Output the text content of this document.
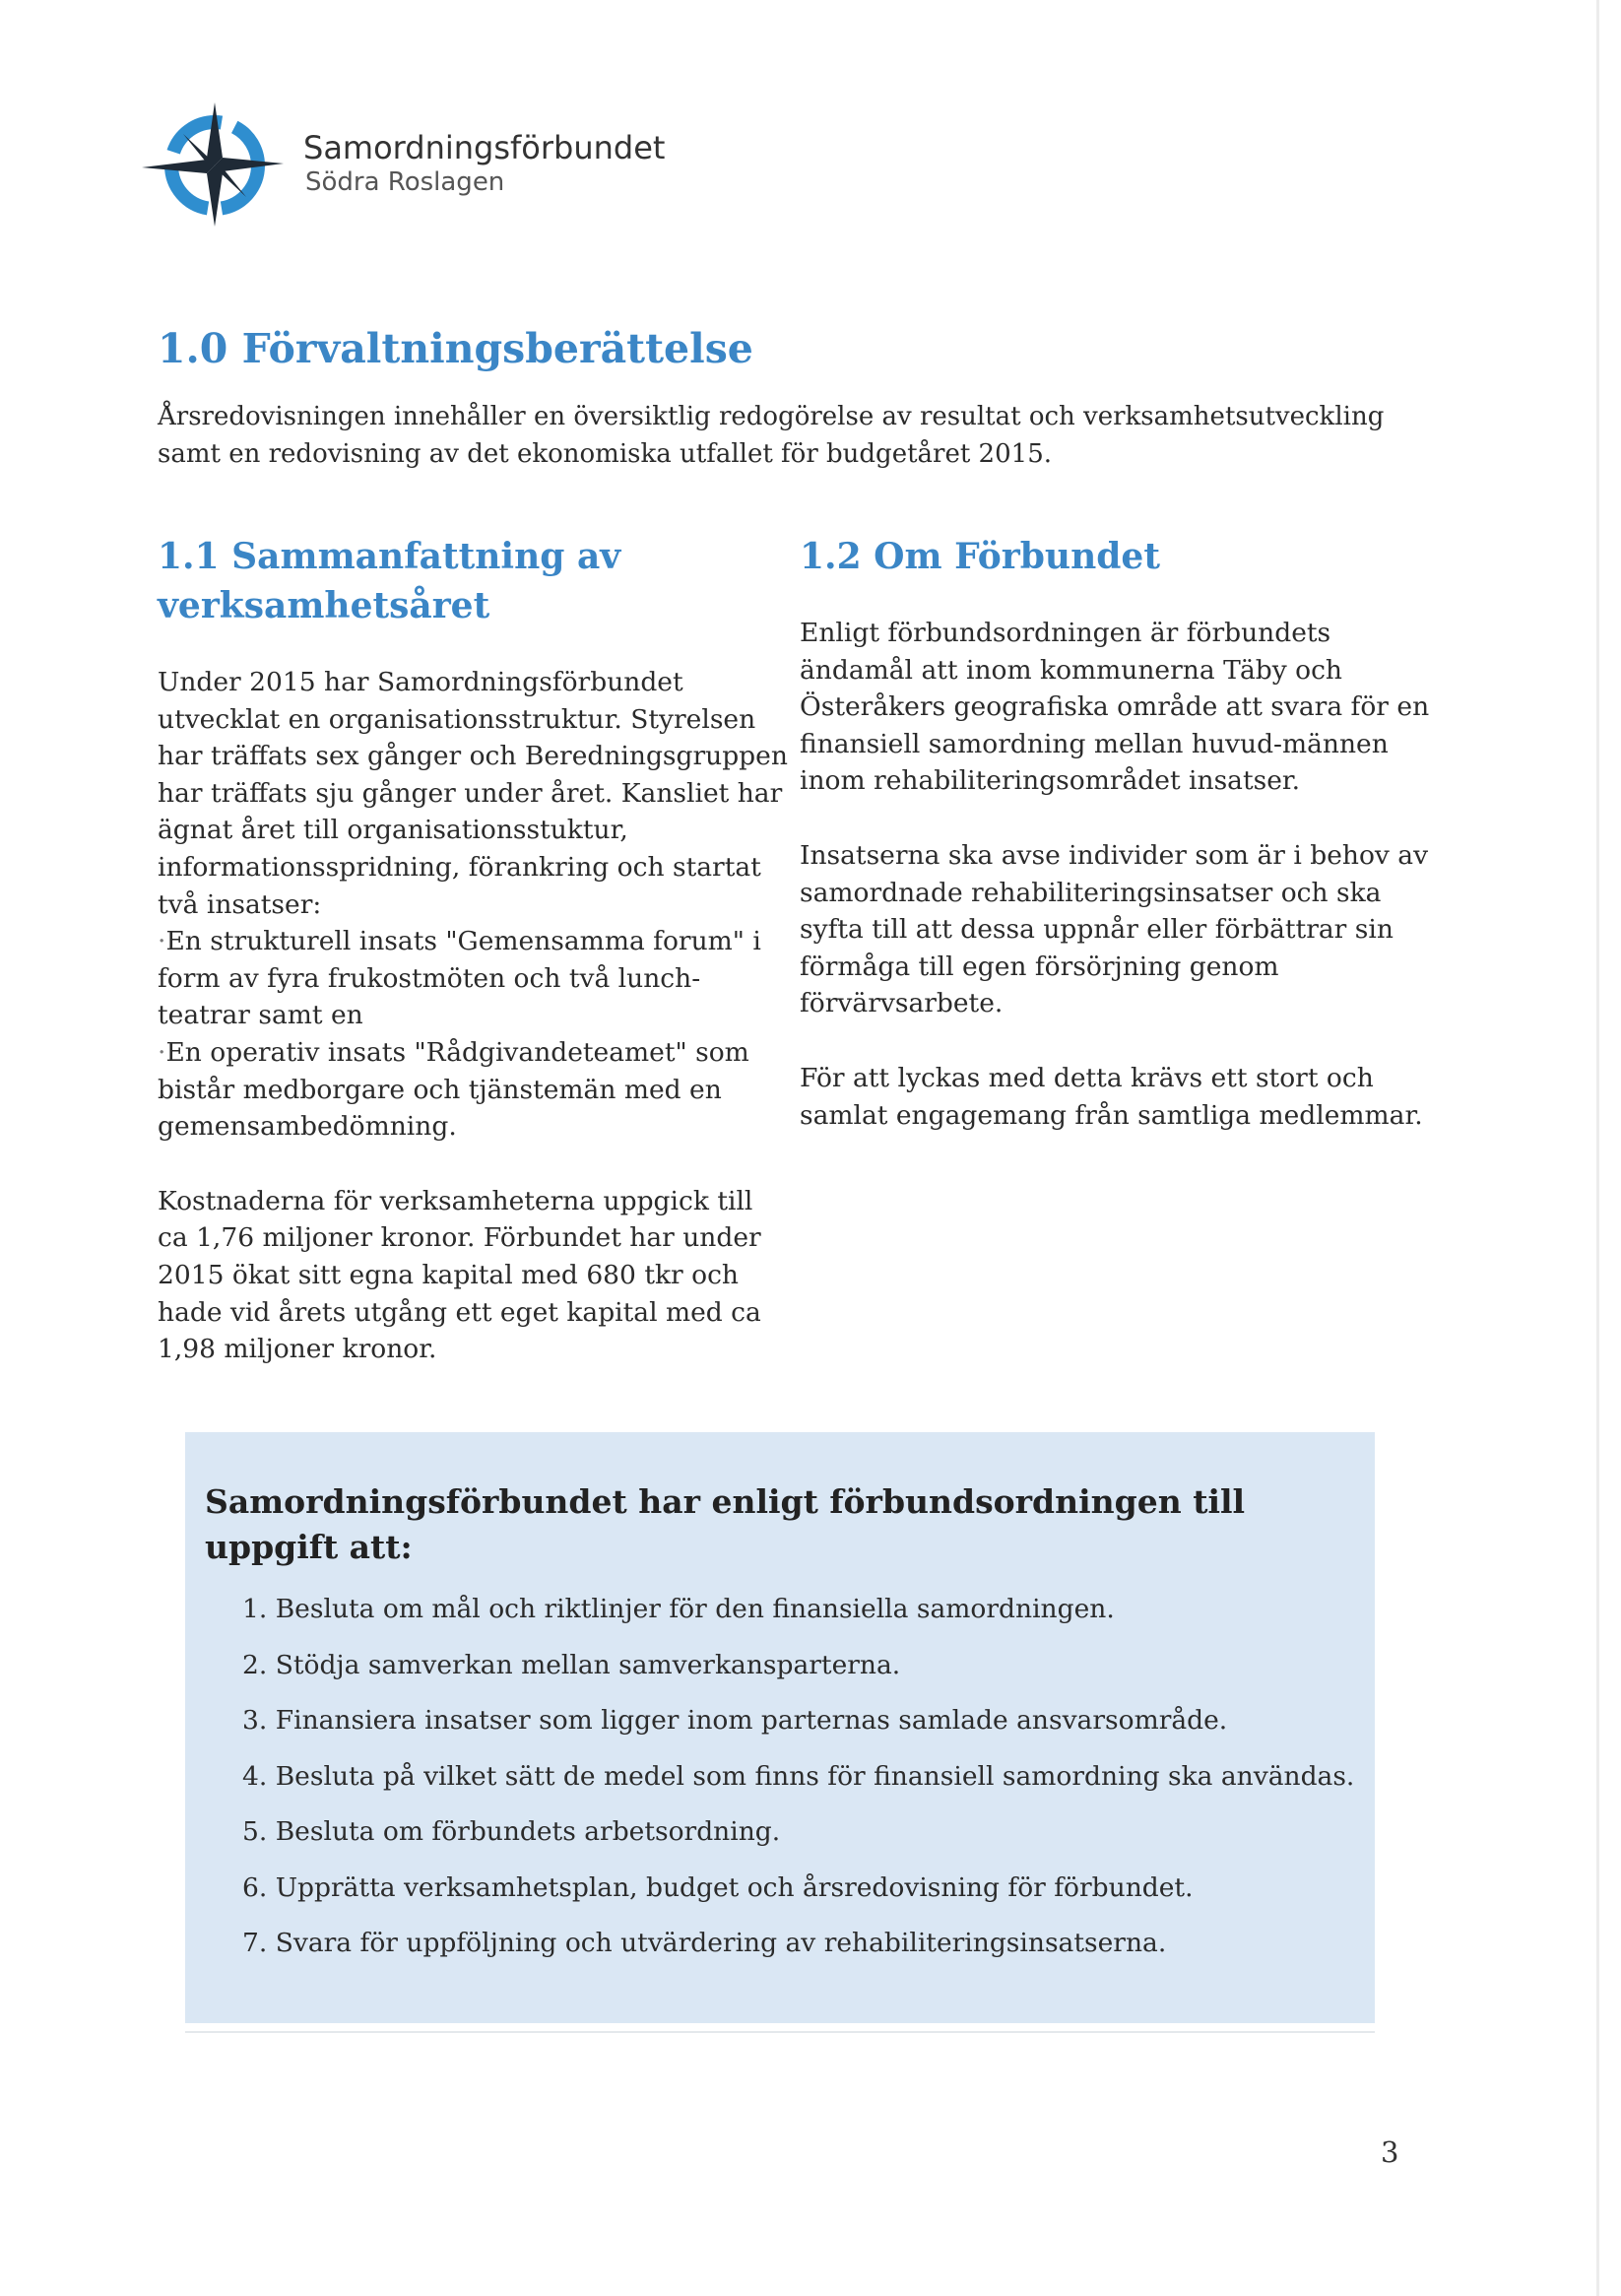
Samordningsförbundet
Södra Roslagen
1.0 Förvaltningsberättelse

Årsredovisningen innehåller en översiktlig redogörelse av resultat och verksamhetsutveckling samt en redovisning av det ekonomiska utfallet för budgetåret 2015.

1.1 Sammanfattning av verksamhetsåret

Under 2015 har Samordningsförbundet utvecklat en organisationsstruktur. Styrelsen har träffats sex gånger och Beredningsgruppen har träffats sju gånger under året. Kansliet har ägnat året till organisationsstuktur, informationsspridning, förankring och startat två insatser:
·En strukturell insats "Gemensamma forum" i form av fyra frukostmöten och två lunch-teatrar samt en
·En operativ insats "Rådgivandeteamet" som bistår medborgare och tjänstemän med en gemensambedömning.

Kostnaderna för verksamheterna uppgick till ca 1,76 miljoner kronor. Förbundet har under 2015 ökat sitt egna kapital med 680 tkr och hade vid årets utgång ett eget kapital med ca 1,98 miljoner kronor.

1.2 Om Förbundet

Enligt förbundsordningen är förbundets ändamål att inom kommunerna Täby och Österåkers geografiska område att svara för en finansiell samordning mellan huvud-männen inom rehabiliteringsområdet insatser.

Insatserna ska avse individer som är i behov av samordnade rehabiliteringsinsatser och ska syfta till att dessa uppnår eller förbättrar sin förmåga till egen försörjning genom förvärvsarbete.

För att lyckas med detta krävs ett stort och samlat engagemang från samtliga medlemmar.

Samordningsförbundet har enligt förbundsordningen till uppgift att:
1. Besluta om mål och riktlinjer för den finansiella samordningen.
2. Stödja samverkan mellan samverkansparterna.
3. Finansiera insatser som ligger inom parternas samlade ansvarsområde.
4. Besluta på vilket sätt de medel som finns för finansiell samordning ska användas.
5. Besluta om förbundets arbetsordning.
6. Upprätta verksamhetsplan, budget och årsredovisning för förbundet.
7. Svara för uppföljning och utvärdering av rehabiliteringsinsatserna.
3
